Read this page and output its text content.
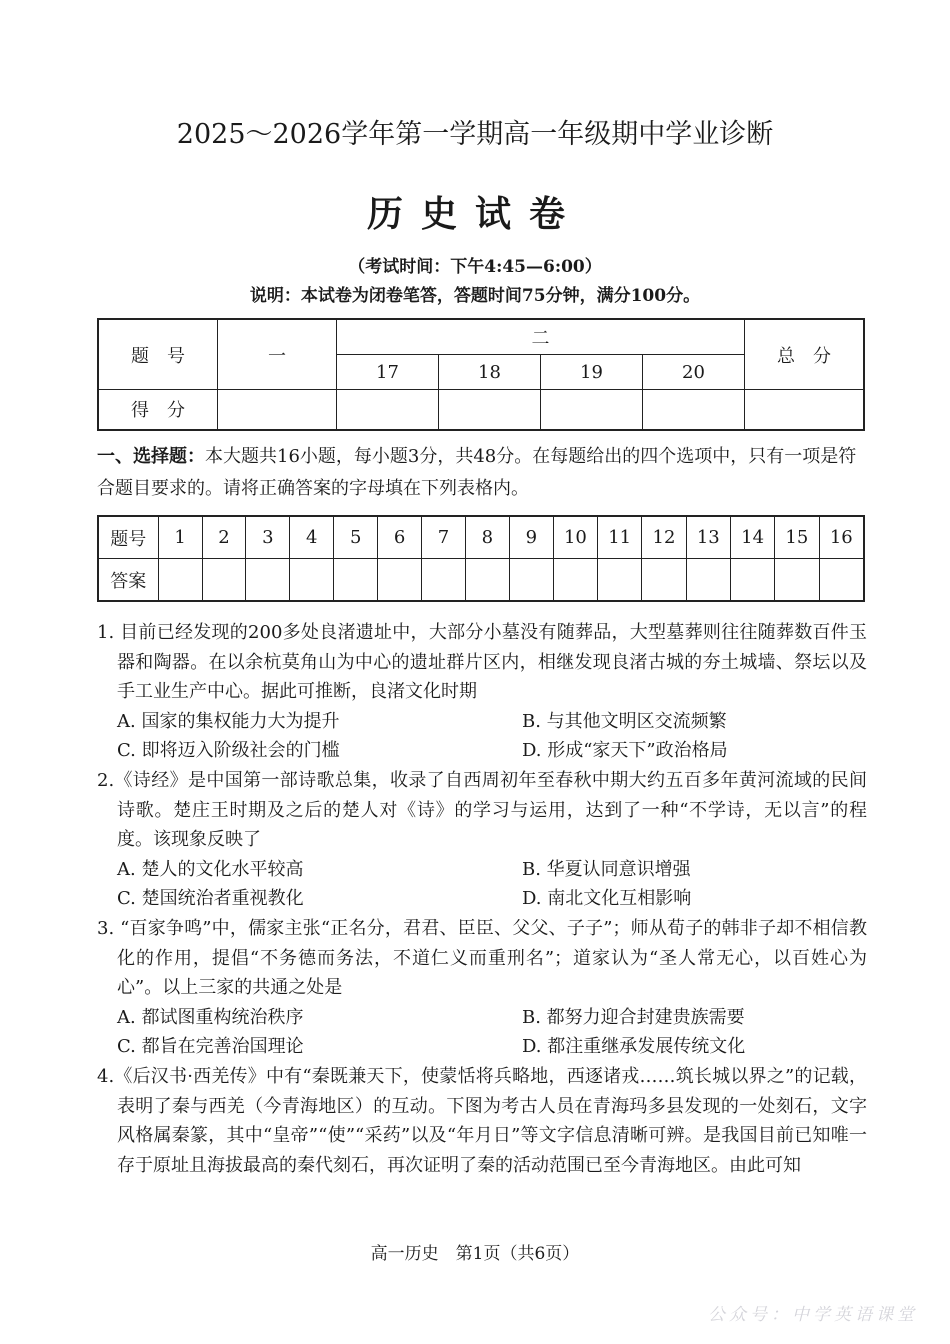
2025～2026学年第一学期高一年级期中学业诊断
历史试卷
（考试时间：下午4:45—6:00）
说明：本试卷为闭卷笔答，答题时间75分钟，满分100分。
题　号	一	二				总　分
		17	18	19	20	
得　分						
一、选择题：本大题共16小题，每小题3分，共48分。在每题给出的四个选项中，只有一项是符合题目要求的。请将正确答案的字母填在下列表格内。
题号	1	2	3	4	5	6	7	8	9	10	11	12	13	14	15	16
答案																
1. 目前已经发现的200多处良渚遗址中，大部分小墓没有随葬品，大型墓葬则往往随葬数百件玉器和陶器。在以余杭莫角山为中心的遗址群片区内，相继发现良渚古城的夯土城墙、祭坛以及手工业生产中心。据此可推断，良渚文化时期
A. 国家的集权能力大为提升	B. 与其他文明区交流频繁
C. 即将迈入阶级社会的门槛	D. 形成“家天下”政治格局
2.《诗经》是中国第一部诗歌总集，收录了自西周初年至春秋中期大约五百多年黄河流域的民间诗歌。楚庄王时期及之后的楚人对《诗》的学习与运用，达到了一种“不学诗，无以言”的程度。该现象反映了
A. 楚人的文化水平较高	B. 华夏认同意识增强
C. 楚国统治者重视教化	D. 南北文化互相影响
3. “百家争鸣”中，儒家主张“正名分，君君、臣臣、父父、子子”；师从荀子的韩非子却不相信教化的作用，提倡“不务德而务法，不道仁义而重刑名”；道家认为“圣人常无心，以百姓心为心”。以上三家的共通之处是
A. 都试图重构统治秩序	B. 都努力迎合封建贵族需要
C. 都旨在完善治国理论	D. 都注重继承发展传统文化
4.《后汉书·西羌传》中有“秦既兼天下，使蒙恬将兵略地，西逐诸戎……筑长城以界之”的记载，表明了秦与西羌（今青海地区）的互动。下图为考古人员在青海玛多县发现的一处刻石，文字风格属秦篆，其中“皇帝”“使”“采药”以及“年月日”等文字信息清晰可辨。是我国目前已知唯一存于原址且海拔最高的秦代刻石，再次证明了秦的活动范围已至今青海地区。由此可知
高一历史　第1页（共6页）
公众号：中学英语课堂
